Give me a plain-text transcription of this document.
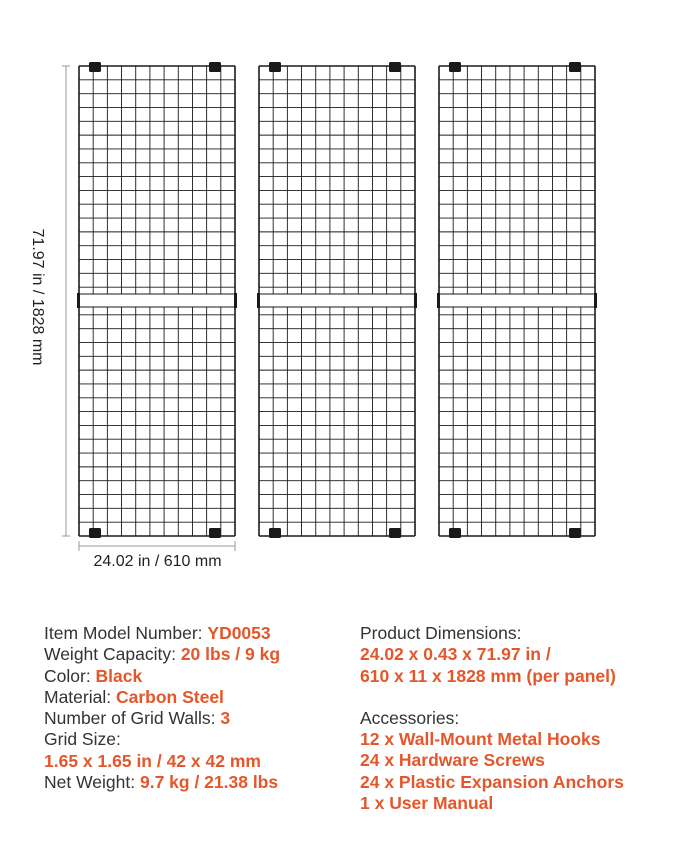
71.97 in / 1828 mm
24.02 in / 610 mm
Item Model Number: YD0053
Weight Capacity: 20 lbs / 9 kg
Color: Black
Material: Carbon Steel
Number of Grid Walls: 3
Grid Size:
1.65 x 1.65 in / 42 x 42 mm
Net Weight: 9.7 kg / 21.38 lbs
Product Dimensions:
24.02 x 0.43 x 71.97 in /
610 x 11 x 1828 mm (per panel)
Accessories:
12 x Wall-Mount Metal Hooks
24 x Hardware Screws
24 x Plastic Expansion Anchors
1 x User Manual
